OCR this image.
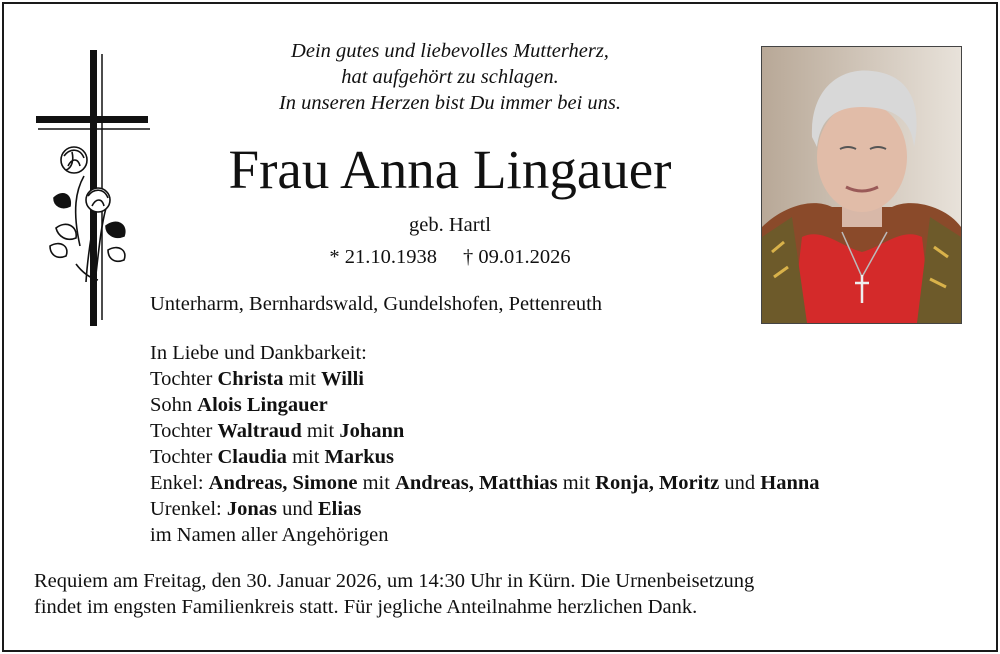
Dein gutes und liebevolles Mutterherz,
hat aufgehört zu schlagen.
In unseren Herzen bist Du immer bei uns.
Frau Anna Lingauer
geb. Hartl
* 21.10.1938 † 09.01.2026
Unterharm, Bernhardswald, Gundelshofen, Pettenreuth
In Liebe und Dankbarkeit:
Tochter Christa mit Willi
Sohn Alois Lingauer
Tochter Waltraud mit Johann
Tochter Claudia mit Markus
Enkel: Andreas, Simone mit Andreas, Matthias mit Ronja, Moritz und Hanna
Urenkel: Jonas und Elias
im Namen aller Angehörigen
Requiem am Freitag, den 30. Januar 2026, um 14:30 Uhr in Kürn. Die Urnenbeisetzung
findet im engsten Familienkreis statt. Für jegliche Anteilnahme herzlichen Dank.
